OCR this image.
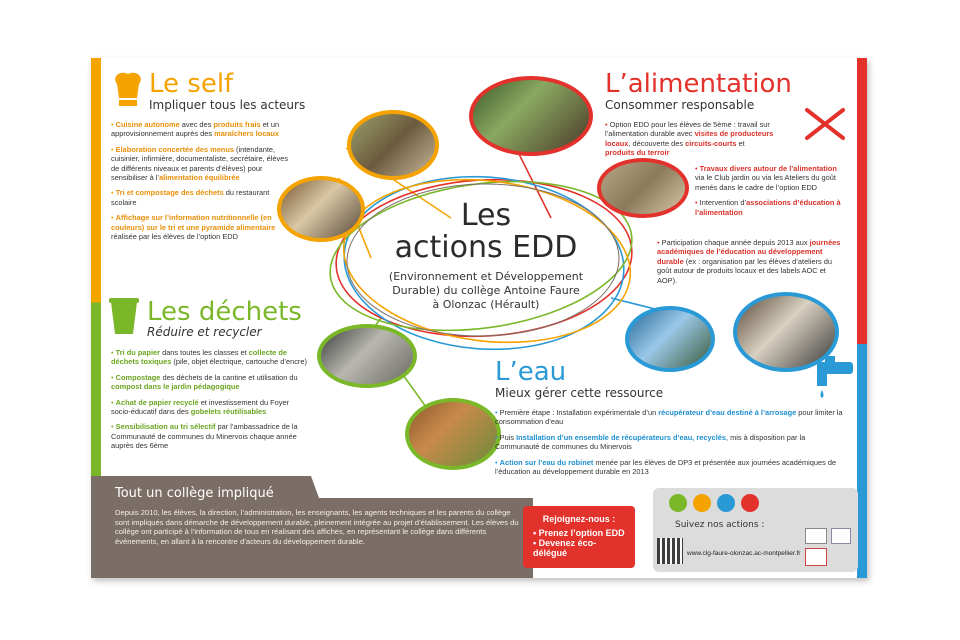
Les
actions EDD
(Environnement et Développement
Durable) du collège Antoine Faure
à Olonzac (Hérault)
Le self
Impliquer tous les acteurs

• Cuisine autonome avec des produits frais et un approvisionnement auprès des maraîchers locaux

• Elaboration concertée des menus (intendante, cuisinier, infirmière, documentaliste, secrétaire, élèves de différents niveaux et parents d’élèves) pour sensibiliser à l’alimentation équilibrée

• Tri et compostage des déchets du restaurant scolaire

• Affichage sur l’information nutritionnelle (en couleurs) sur le tri et une pyramide alimentaire réalisée par les élèves de l’option EDD

Les déchets
Réduire et recycler

• Tri du papier dans toutes les classes et collecte de déchets toxiques (pile, objet électrique, cartouche d’encre)

• Compostage des déchets de la cantine et utilisation du compost dans le jardin pédagogique

• Achat de papier recyclé et investissement du Foyer socio-éducatif dans des gobelets réutilisables

• Sensibilisation au tri sélectif par l’ambassadrice de la Communauté de communes du Minervois chaque année auprès des 6ème

L’alimentation
Consommer responsable

• Option EDD pour les élèves de 5ème : travail sur l’alimentation durable avec visites de producteurs locaux, découverte des circuits-courts et produits du terroir

• Travaux divers autour de l’alimentation via le Club jardin ou via les Ateliers du goût menés dans le cadre de l’option EDD

• Intervention d’associations d’éducation à l’alimentation

• Participation chaque année depuis 2013 aux journées académiques de l’éducation au développement durable (ex : organisation par les élèves d’ateliers du goût autour de produits locaux et des labels AOC et AOP).

L’eau
Mieux gérer cette ressource

• Première étape : Installation expérimentale d’un récupérateur d’eau destiné à l’arrosage pour limiter la consommation d’eau

• Puis Installation d’un ensemble de récupérateurs d’eau, recyclés, mis à disposition par la Communauté de communes du Minervois

• Action sur l’eau du robinet menée par les élèves de DP3 et présentée aux journées académiques de l’éducation au développement durable en 2013

Tout un collège impliqué
Depuis 2010, les élèves, la direction, l’administration, les enseignants, les agents techniques et les parents du collège sont impliqués dans démarche de développement durable, pleinement intégrée au projet d’établissement. Les élèves du collège ont participé à l’information de tous en réalisant des affiches, en représentant le collège dans différents évènements, en allant à la rencontre d’acteurs du développement durable.
Rejoignez-nous :
• Prenez l’option EDD
• Devenez éco-délégué
Suivez nos actions :
www.clg-faure-olonzac.ac-montpellier.fr
